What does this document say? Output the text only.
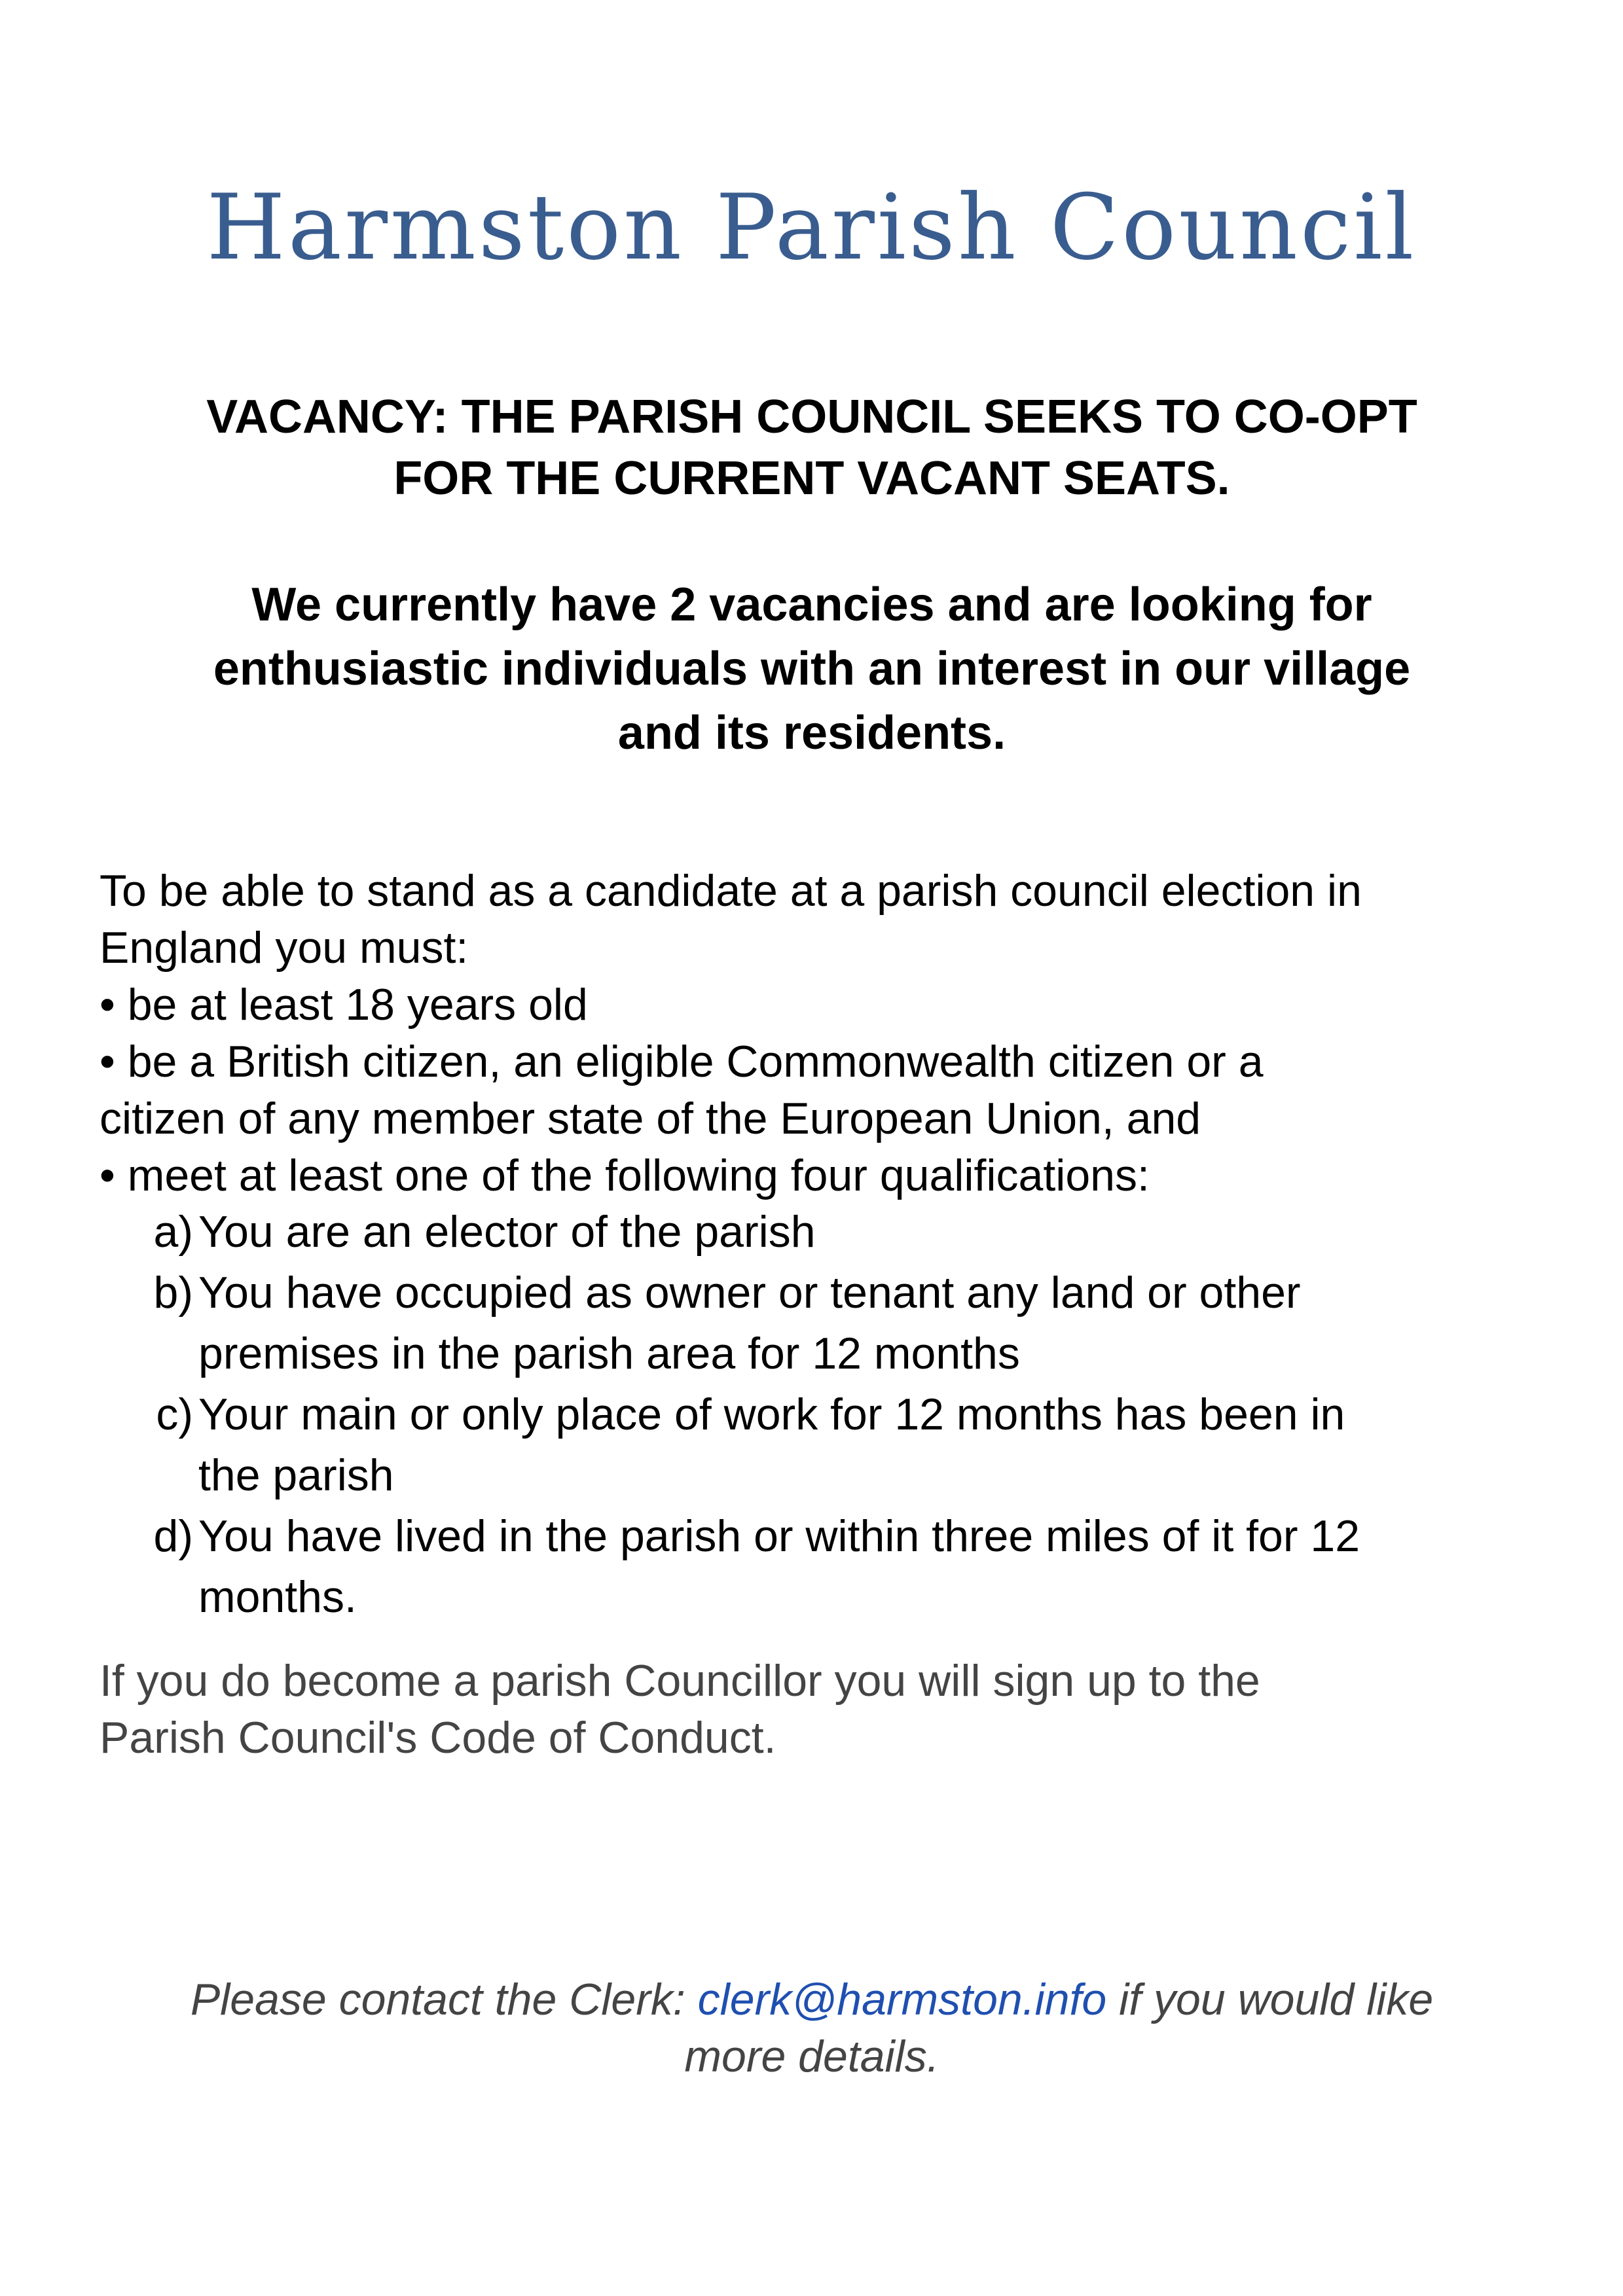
Harmston Parish Council
VACANCY: THE PARISH COUNCIL SEEKS TO CO-OPT
FOR THE CURRENT VACANT SEATS.
We currently have 2 vacancies and are looking for
enthusiastic individuals with an interest in our village
and its residents.

To be able to stand as a candidate at a parish council election in

England you must:

• be at least 18 years old

• be a British citizen, an eligible Commonwealth citizen or a

citizen of any member state of the European Union, and

• meet at least one of the following four qualifications:

a) You are an elector of the parish
b) You have occupied as owner or tenant any land or other
premises in the parish area for 12 months
c) Your main or only place of work for 12 months has been in
the parish
d) You have lived in the parish or within three miles of it for 12
months.
If you do become a parish Councillor you will sign up to the
Parish Council's Code of Conduct.
Please contact the Clerk: clerk@harmston.info if you would like
more details.
